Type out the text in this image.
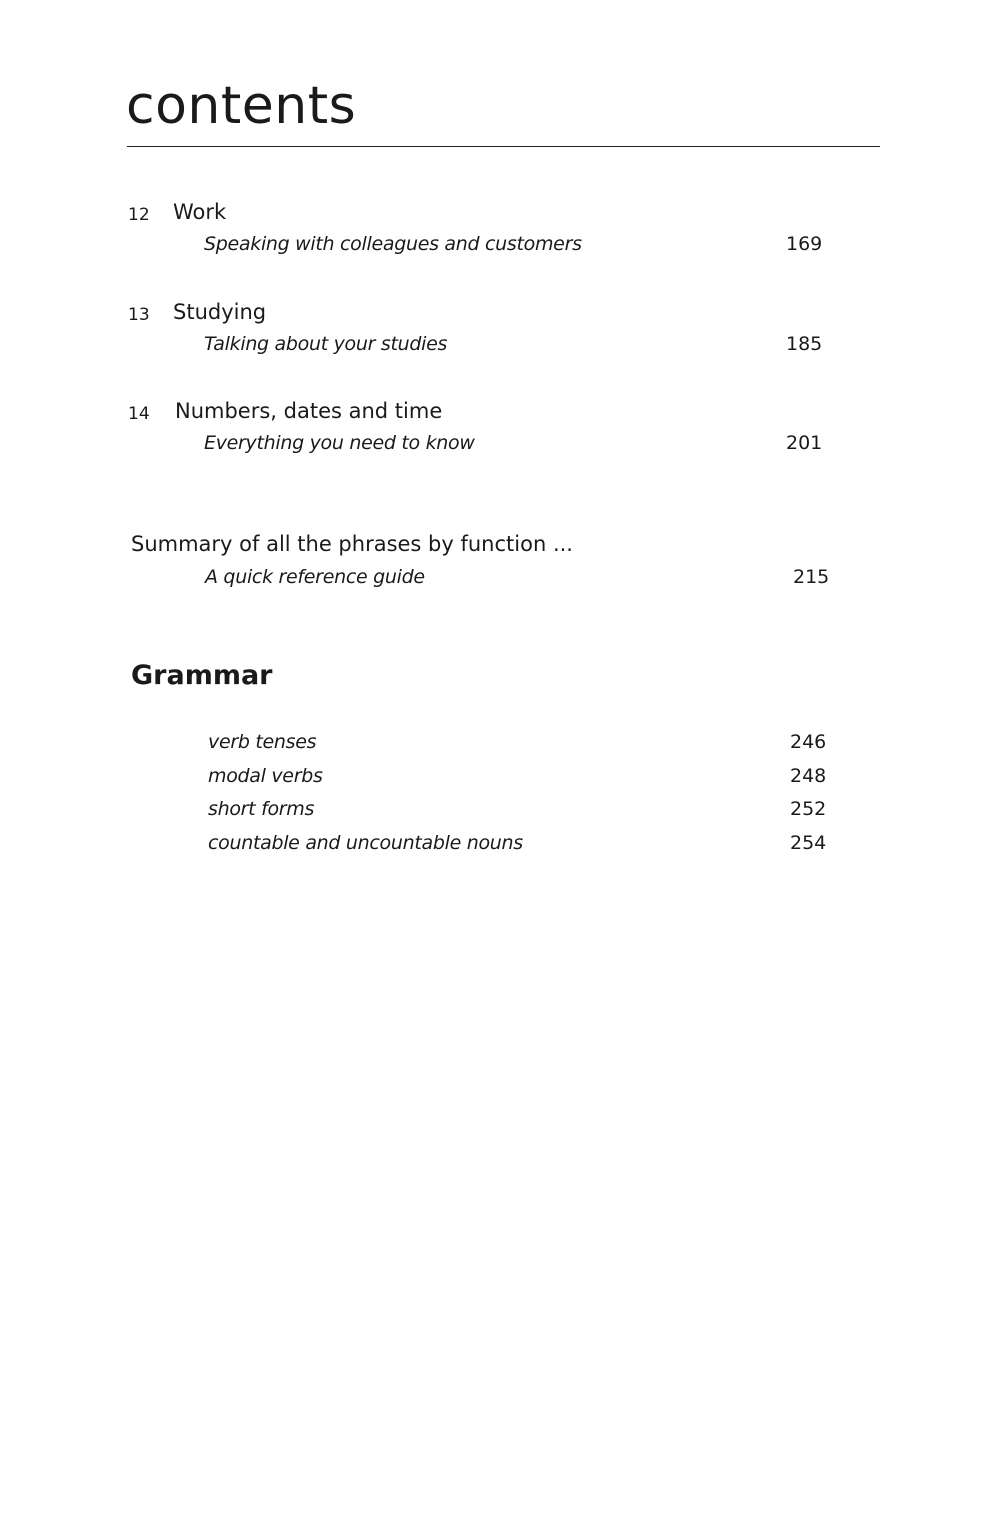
contents
12 Work
Speaking with colleagues and customers	169
13 Studying
Talking about your studies	185
14 Numbers, dates and time
Everything you need to know	201
Summary of all the phrases by function ...
A quick reference guide	215
Grammar
verb tenses	246
modal verbs	248
short forms	252
countable and uncountable nouns	254
